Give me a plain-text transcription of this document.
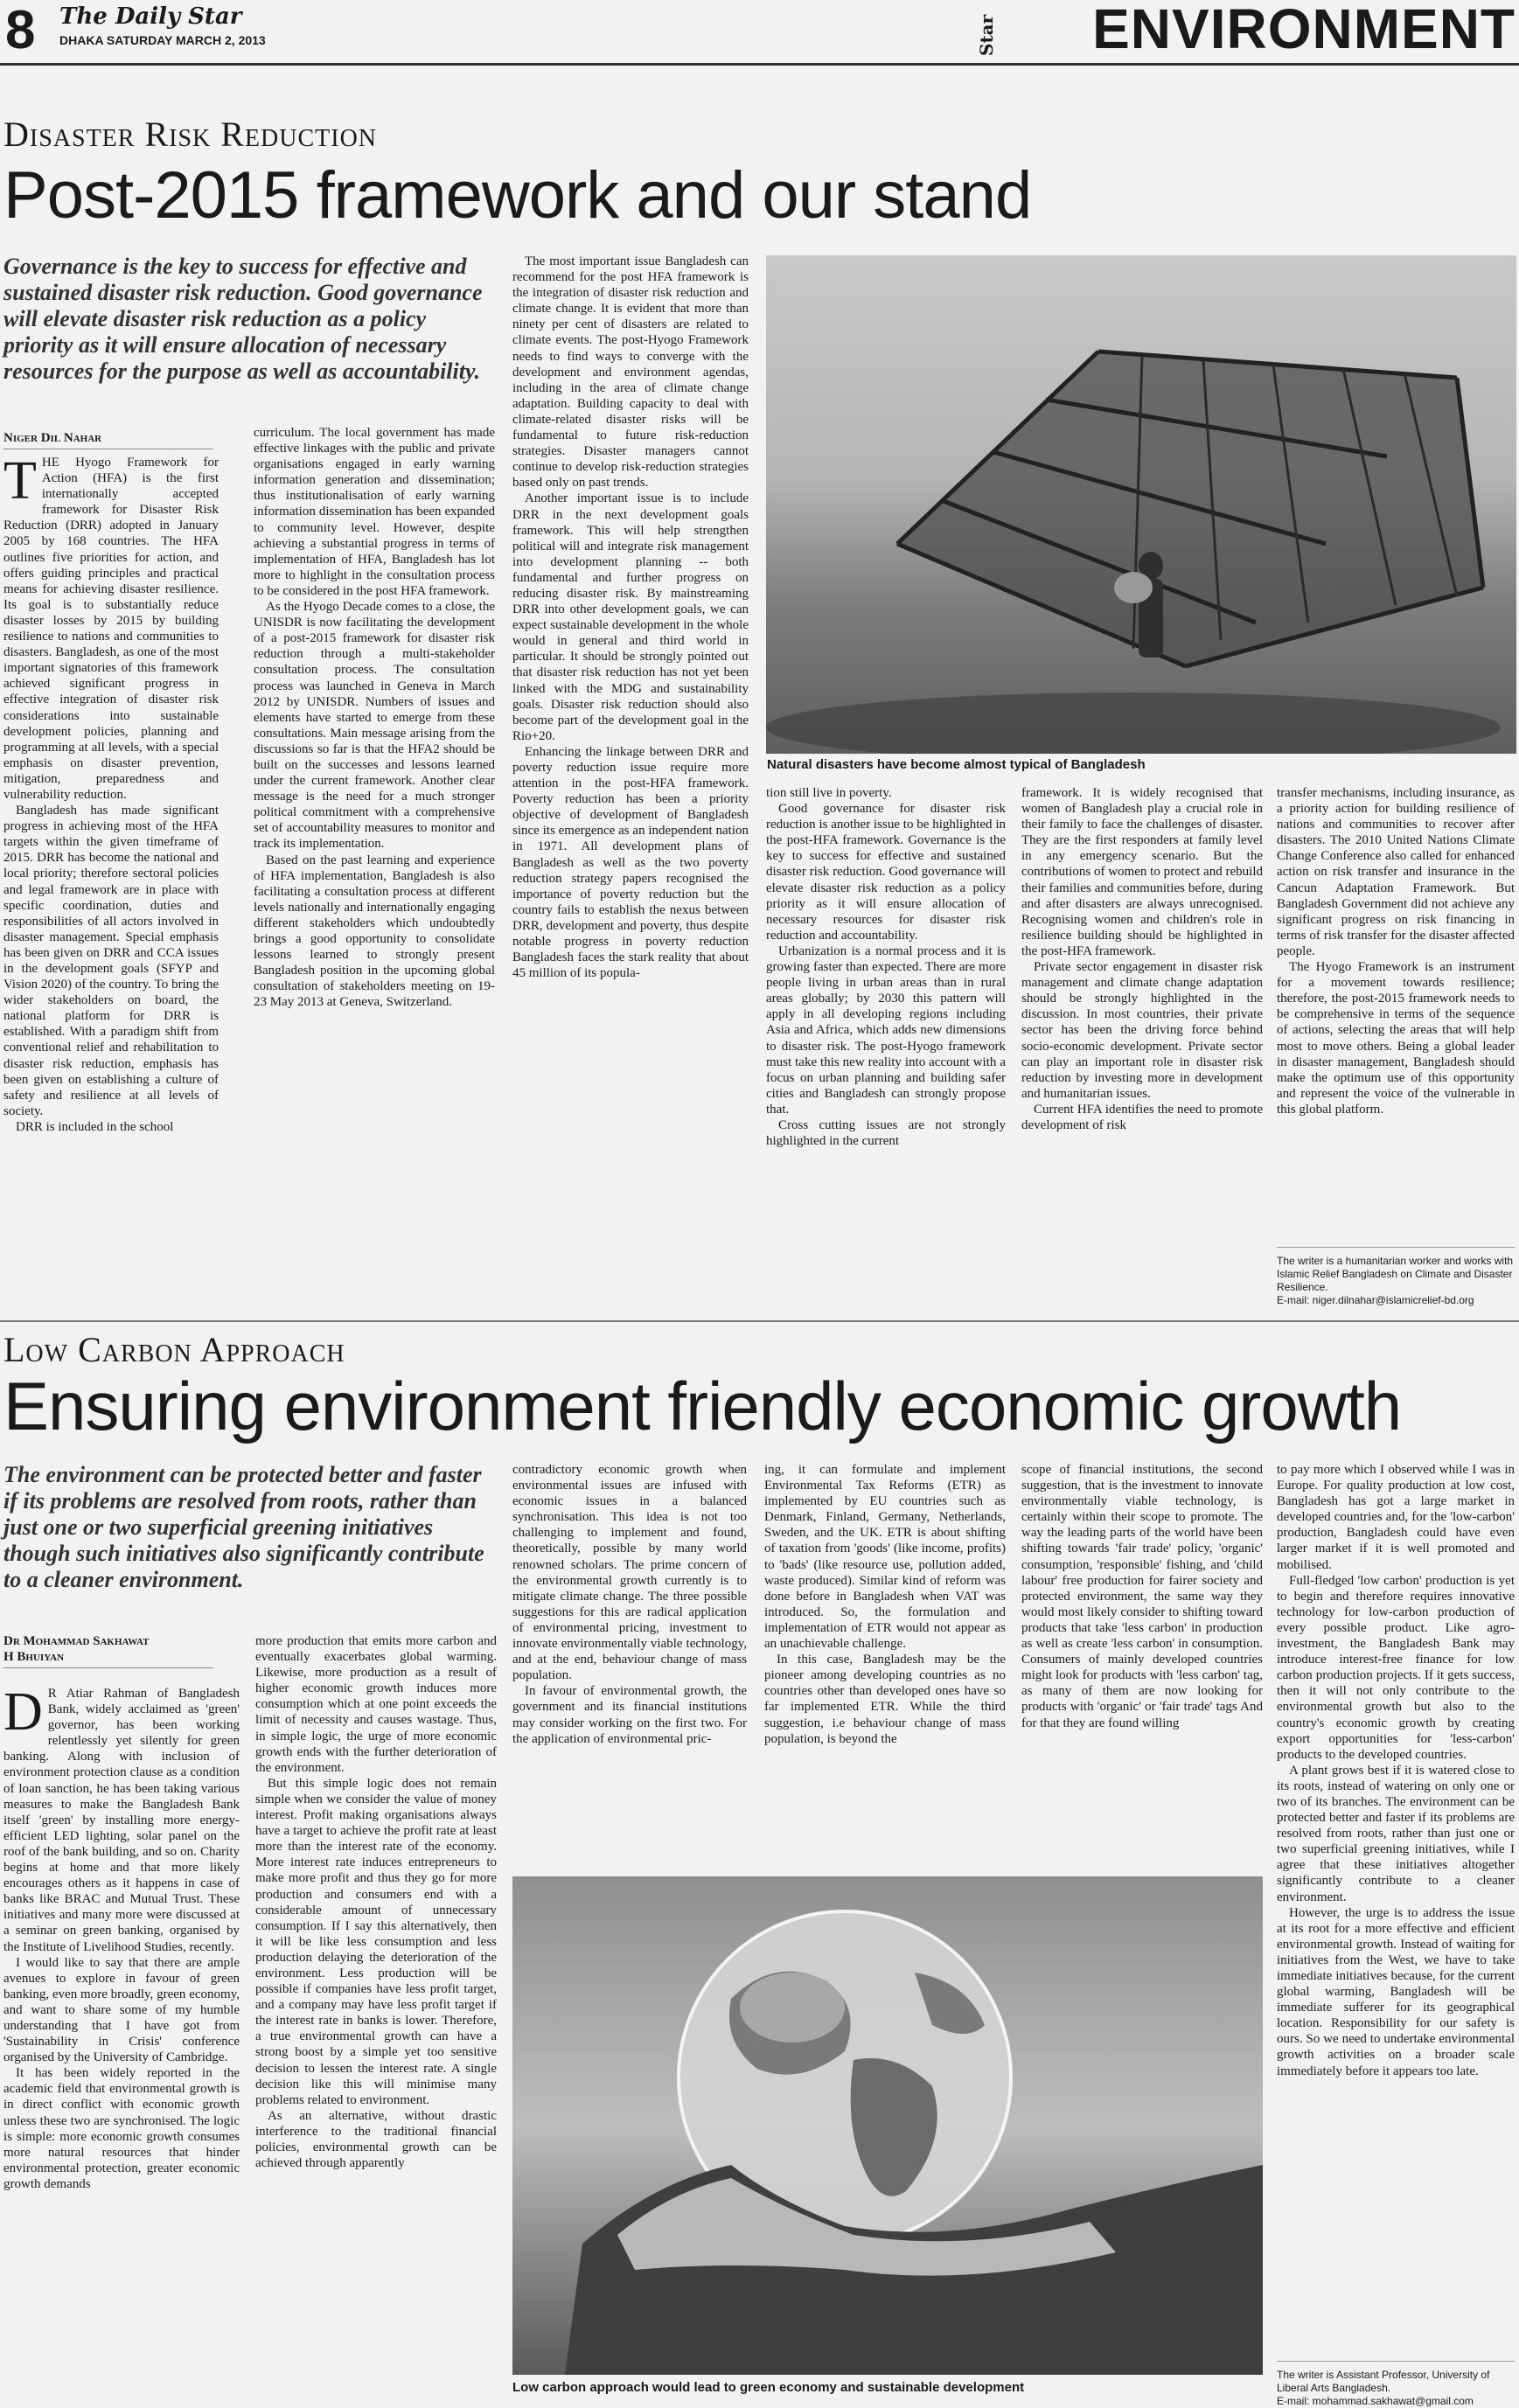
8 The Daily Star
DHAKA SATURDAY MARCH 2, 2013	Star ENVIRONMENT
Disaster Risk Reduction
Post-2015 framework and our stand
Governance is the key to success for effective and sustained disaster risk reduction. Good governance will elevate disaster risk reduction as a policy priority as it will ensure allocation of necessary resources for the purpose as well as accountability.
Niger Dil Nahar

THE Hyogo Framework for Action (HFA) is the first internationally accepted framework for Disaster Risk Reduction (DRR) adopted in January 2005 by 168 countries. The HFA outlines five priorities for action, and offers guiding principles and practical means for achieving disaster resilience. Its goal is to substantially reduce disaster losses by 2015 by building resilience to nations and communities to disasters. Bangladesh, as one of the most important signatories of this framework achieved significant progress in effective integration of disaster risk considerations into sustainable development policies, planning and programming at all levels, with a special emphasis on disaster prevention, mitigation, preparedness and vulnerability reduction.

Bangladesh has made significant progress in achieving most of the HFA targets within the given timeframe of 2015. DRR has become the national and local priority; therefore sectoral policies and legal framework are in place with specific coordination, duties and responsibilities of all actors involved in disaster management. Special emphasis has been given on DRR and CCA issues in the development goals (SFYP and Vision 2020) of the country. To bring the wider stakeholders on board, the national platform for DRR is established. With a paradigm shift from conventional relief and rehabilitation to disaster risk reduction, emphasis has been given on establishing a culture of safety and resilience at all levels of society.

DRR is included in the school

curriculum. The local government has made effective linkages with the public and private organisations engaged in early warning information generation and dissemination; thus institutionalisation of early warning information dissemination has been expanded to community level. However, despite achieving a substantial progress in terms of implementation of HFA, Bangladesh has lot more to highlight in the consultation process to be considered in the post HFA framework.

As the Hyogo Decade comes to a close, the UNISDR is now facilitating the development of a post-2015 framework for disaster risk reduction through a multi-stakeholder consultation process. The consultation process was launched in Geneva in March 2012 by UNISDR. Numbers of issues and elements have started to emerge from these consultations. Main message arising from the discussions so far is that the HFA2 should be built on the successes and lessons learned under the current framework. Another clear message is the need for a much stronger political commitment with a comprehensive set of accountability measures to monitor and track its implementation.

Based on the past learning and experience of HFA implementation, Bangladesh is also facilitating a consultation process at different levels nationally and internationally engaging different stakeholders which undoubtedly brings a good opportunity to consolidate lessons learned to strongly present Bangladesh position in the upcoming global consultation of stakeholders meeting on 19-23 May 2013 at Geneva, Switzerland.

The most important issue Bangladesh can recommend for the post HFA framework is the integration of disaster risk reduction and climate change. It is evident that more than ninety per cent of disasters are related to climate events. The post-Hyogo Framework needs to find ways to converge with the development and environment agendas, including in the area of climate change adaptation. Building capacity to deal with climate-related disaster risks will be fundamental to future risk-reduction strategies. Disaster managers cannot continue to develop risk-reduction strategies based only on past trends.

Another important issue is to include DRR in the next development goals framework. This will help strengthen political will and integrate risk management into development planning -- both fundamental and further progress on reducing disaster risk. By mainstreaming DRR into other development goals, we can expect sustainable development in the whole would in general and third world in particular. It should be strongly pointed out that disaster risk reduction has not yet been linked with the MDG and sustainability goals. Disaster risk reduction should also become part of the development goal in the Rio+20.

Enhancing the linkage between DRR and poverty reduction issue require more attention in the post-HFA framework. Poverty reduction has been a priority objective of development of Bangladesh since its emergence as an independent nation in 1971. All development plans of Bangladesh as well as the two poverty reduction strategy papers recognised the importance of poverty reduction but the country fails to establish the nexus between DRR, development and poverty, thus despite notable progress in poverty reduction Bangladesh faces the stark reality that about 45 million of its popula-

Natural disasters have become almost typical of Bangladesh

tion still live in poverty.

Good governance for disaster risk reduction is another issue to be highlighted in the post-HFA framework. Governance is the key to success for effective and sustained disaster risk reduction. Good governance will elevate disaster risk reduction as a policy priority as it will ensure allocation of necessary resources for disaster risk reduction and accountability.

Urbanization is a normal process and it is growing faster than expected. There are more people living in urban areas than in rural areas globally; by 2030 this pattern will apply in all developing regions including Asia and Africa, which adds new dimensions to disaster risk. The post-Hyogo framework must take this new reality into account with a focus on urban planning and building safer cities and Bangladesh can strongly propose that.

Cross cutting issues are not strongly highlighted in the current

framework. It is widely recognised that women of Bangladesh play a crucial role in their family to face the challenges of disaster. They are the first responders at family level in any emergency scenario. But the contributions of women to protect and rebuild their families and communities before, during and after disasters are always unrecognised. Recognising women and children's role in resilience building should be highlighted in the post-HFA framework.

Private sector engagement in disaster risk management and climate change adaptation should be strongly highlighted in the discussion. In most countries, their private sector has been the driving force behind socio-economic development. Private sector can play an important role in disaster risk reduction by investing more in development and humanitarian issues.

Current HFA identifies the need to promote development of risk

transfer mechanisms, including insurance, as a priority action for building resilience of nations and communities to recover after disasters. The 2010 United Nations Climate Change Conference also called for enhanced action on risk transfer and insurance in the Cancun Adaptation Framework. But Bangladesh Government did not achieve any significant progress on risk financing in terms of risk transfer for the disaster affected people.

The Hyogo Framework is an instrument for a movement towards resilience; therefore, the post-2015 framework needs to be comprehensive in terms of the sequence of actions, selecting the areas that will help most to move others. Being a global leader in disaster management, Bangladesh should make the optimum use of this opportunity and represent the voice of the vulnerable in this global platform.

The writer is a humanitarian worker and works with Islamic Relief Bangladesh on Climate and Disaster Resilience.
E-mail: niger.dilnahar@islamicrelief-bd.org
Low Carbon Approach
Ensuring environment friendly economic growth
The environment can be protected better and faster if its problems are resolved from roots, rather than just one or two superficial greening initiatives though such initiatives also significantly contribute to a cleaner environment.
Dr Mohammad Sakhawat
H Bhuiyan

D R Atiar Rahman of Bangladesh Bank, widely acclaimed as 'green' governor, has been working relentlessly yet silently for green banking. Along with inclusion of environment protection clause as a condition of loan sanction, he has been taking various measures to make the Bangladesh Bank itself 'green' by installing more energy-efficient LED lighting, solar panel on the roof of the bank building, and so on. Charity begins at home and that more likely encourages others as it happens in case of banks like BRAC and Mutual Trust. These initiatives and many more were discussed at a seminar on green banking, organised by the Institute of Livelihood Studies, recently.

I would like to say that there are ample avenues to explore in favour of green banking, even more broadly, green economy, and want to share some of my humble understanding that I have got from 'Sustainability in Crisis' conference organised by the University of Cambridge.

It has been widely reported in the academic field that environmental growth is in direct conflict with economic growth unless these two are synchronised. The logic is simple: more economic growth consumes more natural resources that hinder environmental protection, greater economic growth demands

more production that emits more carbon and eventually exacerbates global warming. Likewise, more production as a result of higher economic growth induces more consumption which at one point exceeds the limit of necessity and causes wastage. Thus, in simple logic, the urge of more economic growth ends with the further deterioration of the environment.

But this simple logic does not remain simple when we consider the value of money interest. Profit making organisations always have a target to achieve the profit rate at least more than the interest rate of the economy. More interest rate induces entrepreneurs to make more profit and thus they go for more production and consumers end with a considerable amount of unnecessary consumption. If I say this alternatively, then it will be like less consumption and less production delaying the deterioration of the environment. Less production will be possible if companies have less profit target, and a company may have less profit target if the interest rate in banks is lower. Therefore, a true environmental growth can have a strong boost by a simple yet too sensitive decision to lessen the interest rate. A single decision like this will minimise many problems related to environment.

As an alternative, without drastic interference to the traditional financial policies, environmental growth can be achieved through apparently

contradictory economic growth when environmental issues are infused with economic issues in a balanced synchronisation. This idea is not too challenging to implement and found, theoretically, possible by many world renowned scholars. The prime concern of the environmental growth currently is to mitigate climate change. The three possible suggestions for this are radical application of environmental pricing, investment to innovate environmentally viable technology, and at the end, behaviour change of mass population.

In favour of environmental growth, the government and its financial institutions may consider working on the first two. For the application of environmental pric-

ing, it can formulate and implement Environmental Tax Reforms (ETR) as implemented by EU countries such as Denmark, Finland, Germany, Netherlands, Sweden, and the UK. ETR is about shifting of taxation from 'goods' (like income, profits) to 'bads' (like resource use, pollution added, waste produced). Similar kind of reform was done before in Bangladesh when VAT was introduced. So, the formulation and implementation of ETR would not appear as an unachievable challenge.

In this case, Bangladesh may be the pioneer among developing countries as no countries other than developed ones have so far implemented ETR. While the third suggestion, i.e behaviour change of mass population, is beyond the

scope of financial institutions, the second suggestion, that is the investment to innovate environmentally viable technology, is certainly within their scope to promote. The way the leading parts of the world have been shifting towards 'fair trade' policy, 'organic' consumption, 'responsible' fishing, and 'child labour' free production for fairer society and protected environment, the same way they would most likely consider to shifting toward products that take 'less carbon' in production as well as create 'less carbon' in consumption. Consumers of mainly developed countries might look for products with 'less carbon' tag, as many of them are now looking for products with 'organic' or 'fair trade' tags And for that they are found willing

to pay more which I observed while I was in Europe. For quality production at low cost, Bangladesh has got a large market in developed countries and, for the 'low-carbon' production, Bangladesh could have even larger market if it is well promoted and mobilised.

Full-fledged 'low carbon' production is yet to begin and therefore requires innovative technology for low-carbon production of every possible product. Like agro-investment, the Bangladesh Bank may introduce interest-free finance for low carbon production projects. If it gets success, then it will not only contribute to the environmental growth but also to the country's economic growth by creating export opportunities for 'less-carbon' products to the developed countries.

A plant grows best if it is watered close to its roots, instead of watering on only one or two of its branches. The environment can be protected better and faster if its problems are resolved from roots, rather than just one or two superficial greening initiatives, while I agree that these initiatives altogether significantly contribute to a cleaner environment.

However, the urge is to address the issue at its root for a more effective and efficient environmental growth. Instead of waiting for initiatives from the West, we have to take immediate initiatives because, for the current global warming, Bangladesh will be immediate sufferer for its geographical location. Responsibility for our safety is ours. So we need to undertake environmental growth activities on a broader scale immediately before it appears too late.

Low carbon approach would lead to green economy and sustainable development
The writer is Assistant Professor, University of Liberal Arts Bangladesh.
E-mail: mohammad.sakhawat@gmail.com
